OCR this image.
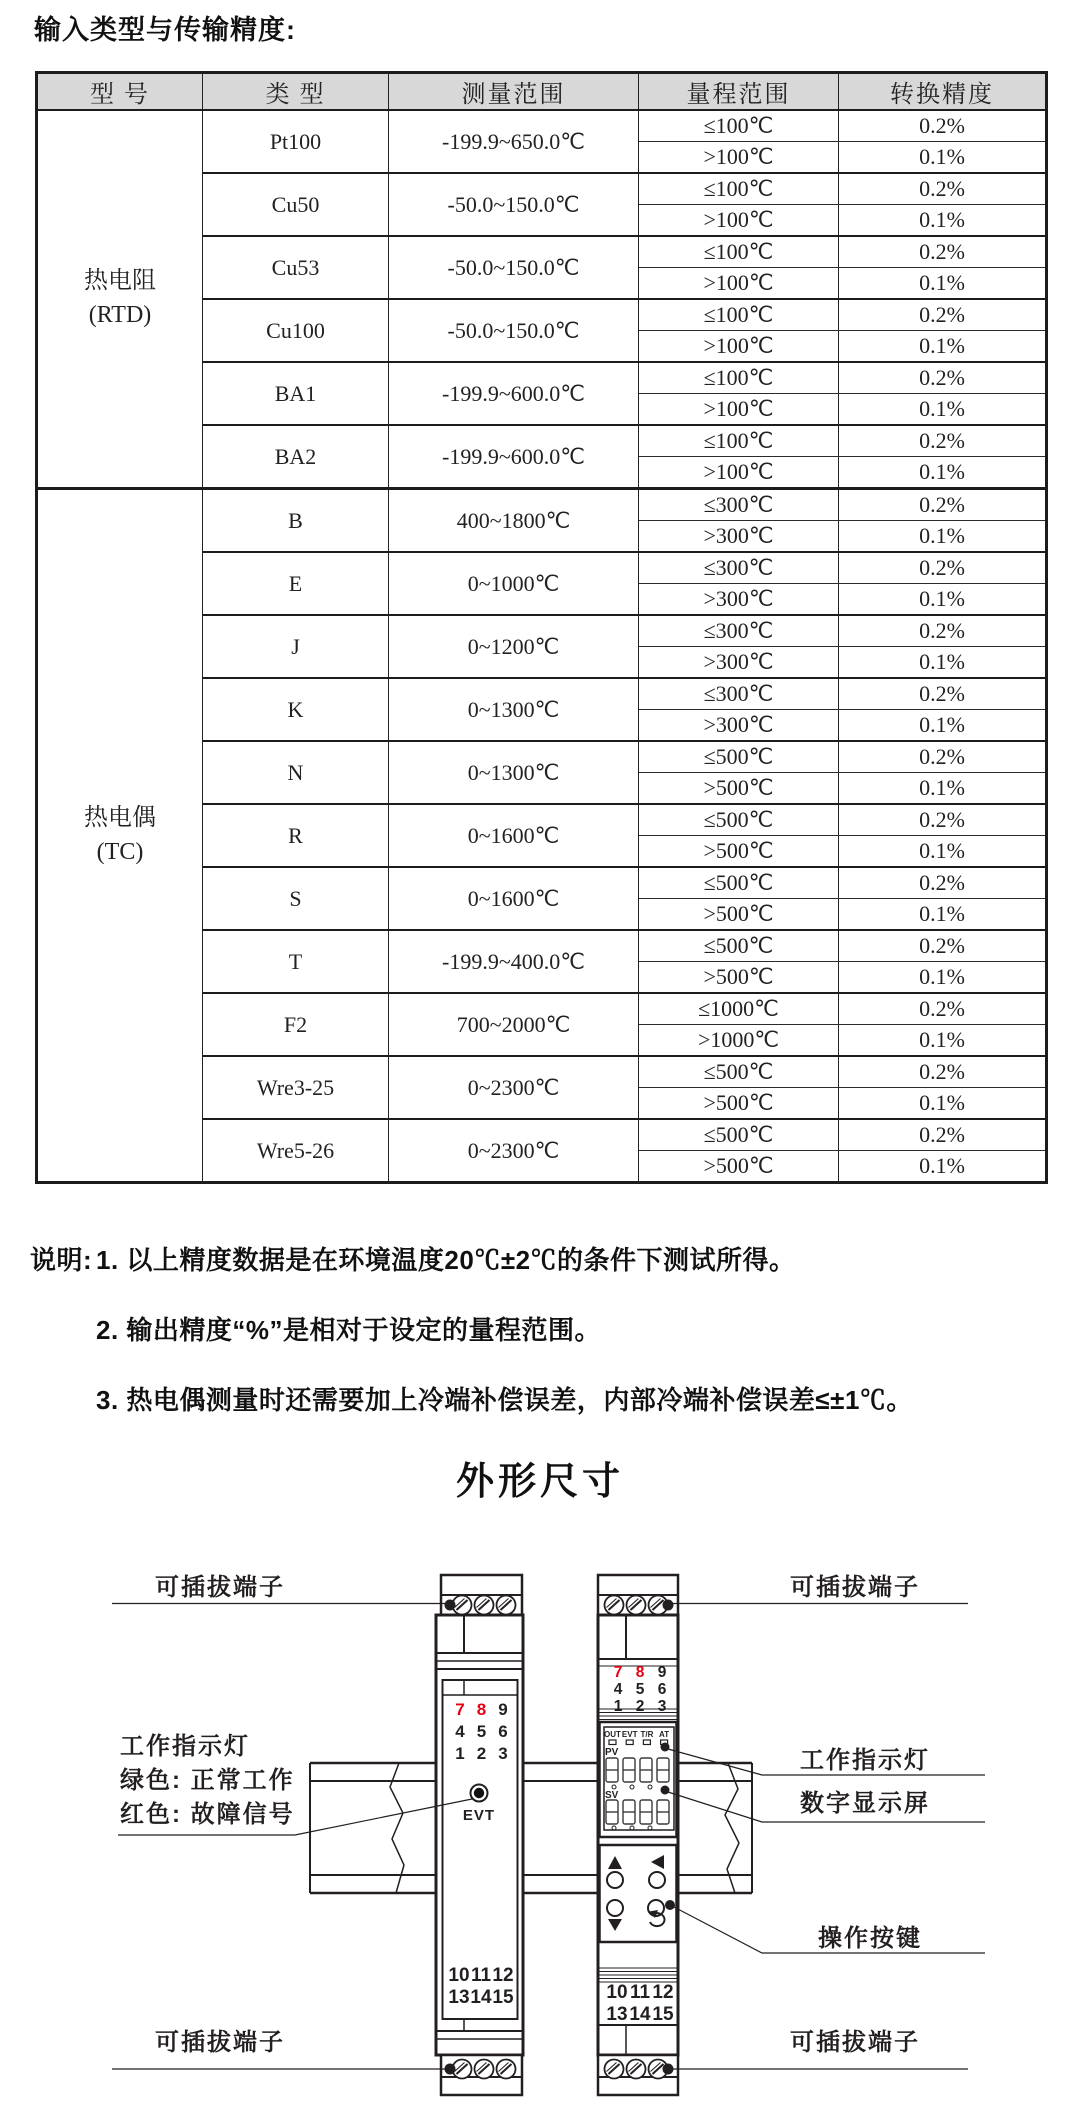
输入类型与传输精度:
型 号	类 型	测量范围	量程范围	转换精度

热电阻
(RTD)	Pt100	-199.9~650.0℃	≤100℃	0.2%
			>100℃	0.1%
	Cu50	-50.0~150.0℃	≤100℃	0.2%
			>100℃	0.1%
	Cu53	-50.0~150.0℃	≤100℃	0.2%
			>100℃	0.1%
	Cu100	-50.0~150.0℃	≤100℃	0.2%
			>100℃	0.1%
	BA1	-199.9~600.0℃	≤100℃	0.2%
			>100℃	0.1%
	BA2	-199.9~600.0℃	≤100℃	0.2%
			>100℃	0.1%

热电偶
(TC)	B	400~1800℃	≤300℃	0.2%
			>300℃	0.1%
	E	0~1000℃	≤300℃	0.2%
			>300℃	0.1%
	J	0~1200℃	≤300℃	0.2%
			>300℃	0.1%
	K	0~1300℃	≤300℃	0.2%
			>300℃	0.1%
	N	0~1300℃	≤500℃	0.2%
			>500℃	0.1%
	R	0~1600℃	≤500℃	0.2%
			>500℃	0.1%
	S	0~1600℃	≤500℃	0.2%
			>500℃	0.1%
	T	-199.9~400.0℃	≤500℃	0.2%
			>500℃	0.1%
	F2	700~2000℃	≤1000℃	0.2%
			>1000℃	0.1%
	Wre3-25	0~2300℃	≤500℃	0.2%
			>500℃	0.1%
	Wre5-26	0~2300℃	≤500℃	0.2%
			>500℃	0.1%
说明: 1. 以上精度数据是在环境温度20℃±2℃的条件下测试所得。
2. 输出精度“%”是相对于设定的量程范围。
3. 热电偶测量时还需要加上冷端补偿误差，内部冷端补偿误差≤±1℃。
外形尺寸
7 8 9
4 5 6
1 2 3
EVT
10 11 12
13 14 15
7 8 9
4 5 6
1 2 3
OUT EVT T/R AT
PV
SV
10 11 12
13 14 15
可插拔端子	可插拔端子
工作指示灯
绿色: 正常工作
红色: 故障信号
工作指示灯
数字显示屏
操作按键
可插拔端子	可插拔端子
